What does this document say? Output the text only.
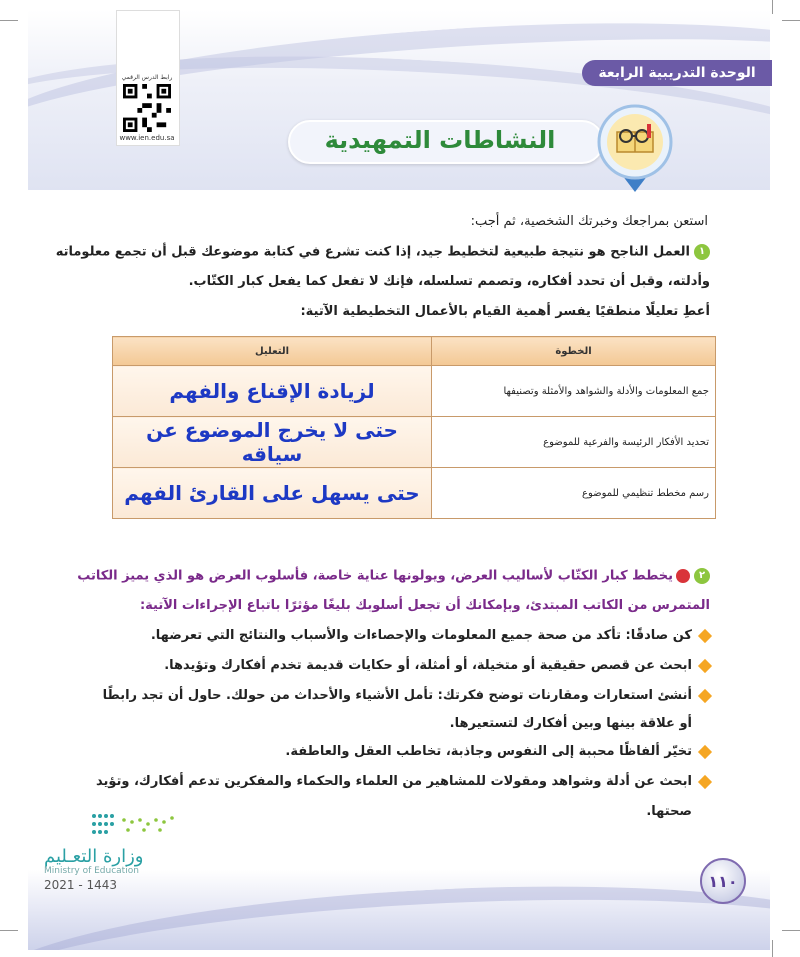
الوحدة التدريبية الرابعة
رابط الدرس الرقمي
www.ien.edu.sa	النشاطات التمهيدية
استعن بمراجعك وخبرتك الشخصية، ثم أجب:
١العمل الناجح هو نتيجة طبيعية لتخطيط جيد، إذا كنت تشرع في كتابة موضوعك قبل أن تجمع معلوماته
وأدلته، وقبل أن تحدد أفكاره، وتصمم تسلسله، فإنك لا تفعل كما يفعل كبار الكتّاب.
أعطِ تعليلًا منطقيًا يفسر أهمية القيام بالأعمال التخطيطية الآتية:
الخطوة	التعليل
جمع المعلومات والأدلة والشواهد والأمثلة وتصنيفها	لزيادة الإقناع والفهم
تحديد الأفكار الرئيسة والفرعية للموضوع	حتى لا يخرج الموضوع عن سياقه
رسم مخطط تنظيمي للموضوع	حتى يسهل على القارئ الفهم
٢يخطط كبار الكتّاب لأساليب العرض، ويولونها عناية خاصة، فأسلوب العرض هو الذي يميز الكاتب
المتمرس من الكاتب المبتدئ، وبإمكانك أن تجعل أسلوبك بليغًا مؤثرًا باتباع الإجراءات الآتية:
كن صادقًا: تأكد من صحة جميع المعلومات والإحصاءات والأسباب والنتائج التي تعرضها.
ابحث عن قصص حقيقية أو متخيلة، أو أمثلة، أو حكايات قديمة تخدم أفكارك وتؤيدها.
أنشئ استعارات ومقارنات توضح فكرتك: تأمل الأشياء والأحداث من حولك. حاول أن تجد رابطًا
أو علاقة بينها وبين أفكارك لتستعيرها.
تخيّر ألفاظًا محببة إلى النفوس وجاذبة، تخاطب العقل والعاطفة.
ابحث عن أدلة وشواهد ومقولات للمشاهير من العلماء والحكماء والمفكرين تدعم أفكارك، وتؤيد
صحتها.
وزارة التعـليم
Ministry of Education
2021 - 1443	١١٠
